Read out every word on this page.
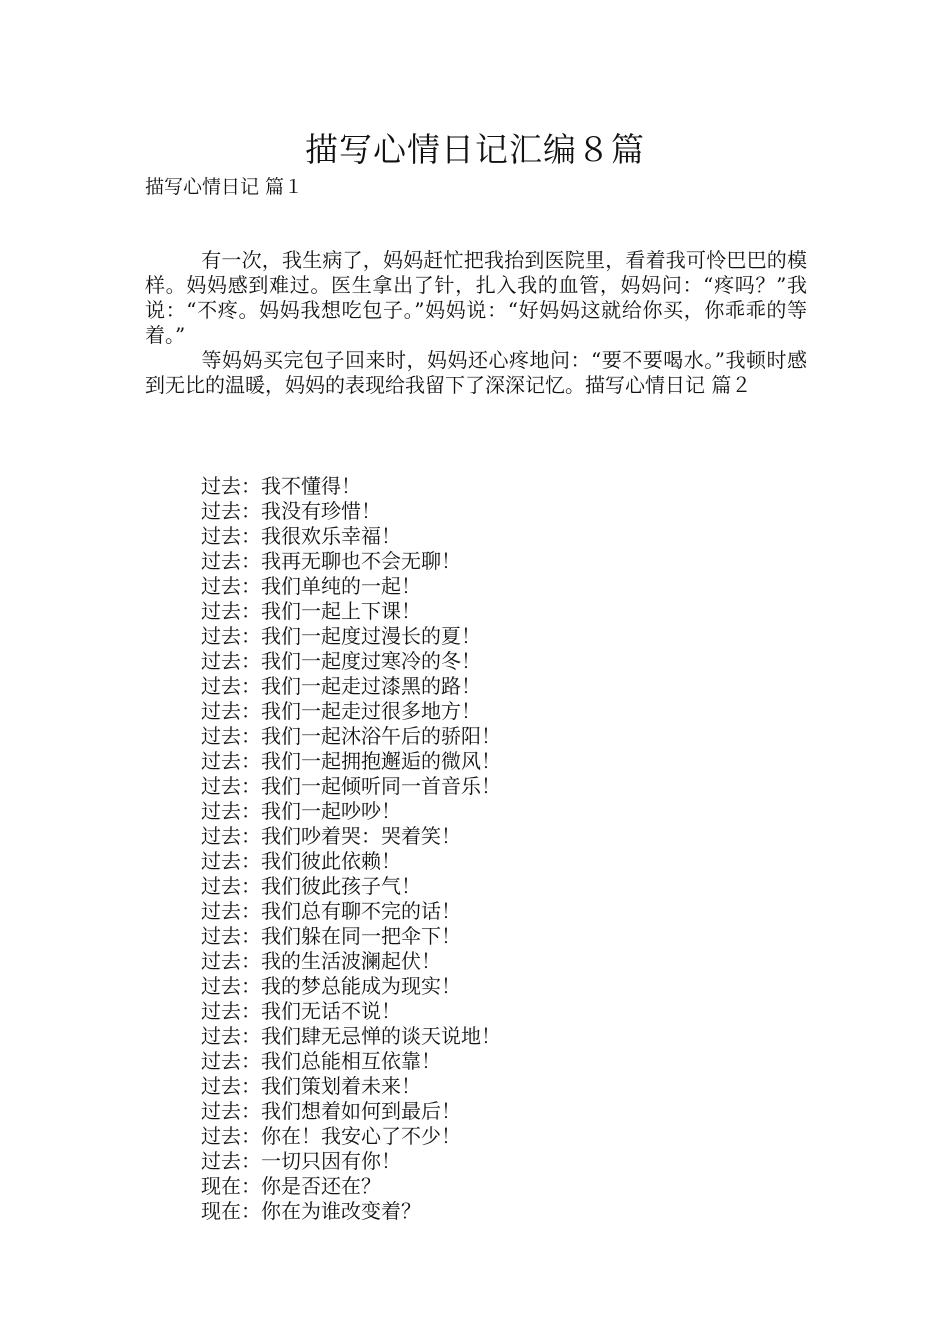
描写心情日记汇编８篇
描写心情日记 篇１

有一次，我生病了，妈妈赶忙把我抬到医院里，看着我可怜巴巴的模样。妈妈感到难过。医生拿出了针，扎入我的血管，妈妈问：“疼吗？”我说：“不疼。妈妈我想吃包子。”妈妈说：“好妈妈这就给你买，你乖乖的等着。”

等妈妈买完包子回来时，妈妈还心疼地问：“要不要喝水。”我顿时感到无比的温暖，妈妈的表现给我留下了深深记忆。描写心情日记 篇２

过去：我不懂得！
过去：我没有珍惜！
过去：我很欢乐幸福！
过去：我再无聊也不会无聊！
过去：我们单纯的一起！
过去：我们一起上下课！
过去：我们一起度过漫长的夏！
过去：我们一起度过寒冷的冬！
过去：我们一起走过漆黑的路！
过去：我们一起走过很多地方！
过去：我们一起沐浴午后的骄阳！
过去：我们一起拥抱邂逅的微风！
过去：我们一起倾听同一首音乐！
过去：我们一起吵吵！
过去：我们吵着哭：哭着笑！
过去：我们彼此依赖！
过去：我们彼此孩子气！
过去：我们总有聊不完的话！
过去：我们躲在同一把伞下！
过去：我的生活波澜起伏！
过去：我的梦总能成为现实！
过去：我们无话不说！
过去：我们肆无忌惮的谈天说地！
过去：我们总能相互依靠！
过去：我们策划着未来！
过去：我们想着如何到最后！
过去：你在！我安心了不少！
过去：一切只因有你！
现在：你是否还在？
现在：你在为谁改变着？
